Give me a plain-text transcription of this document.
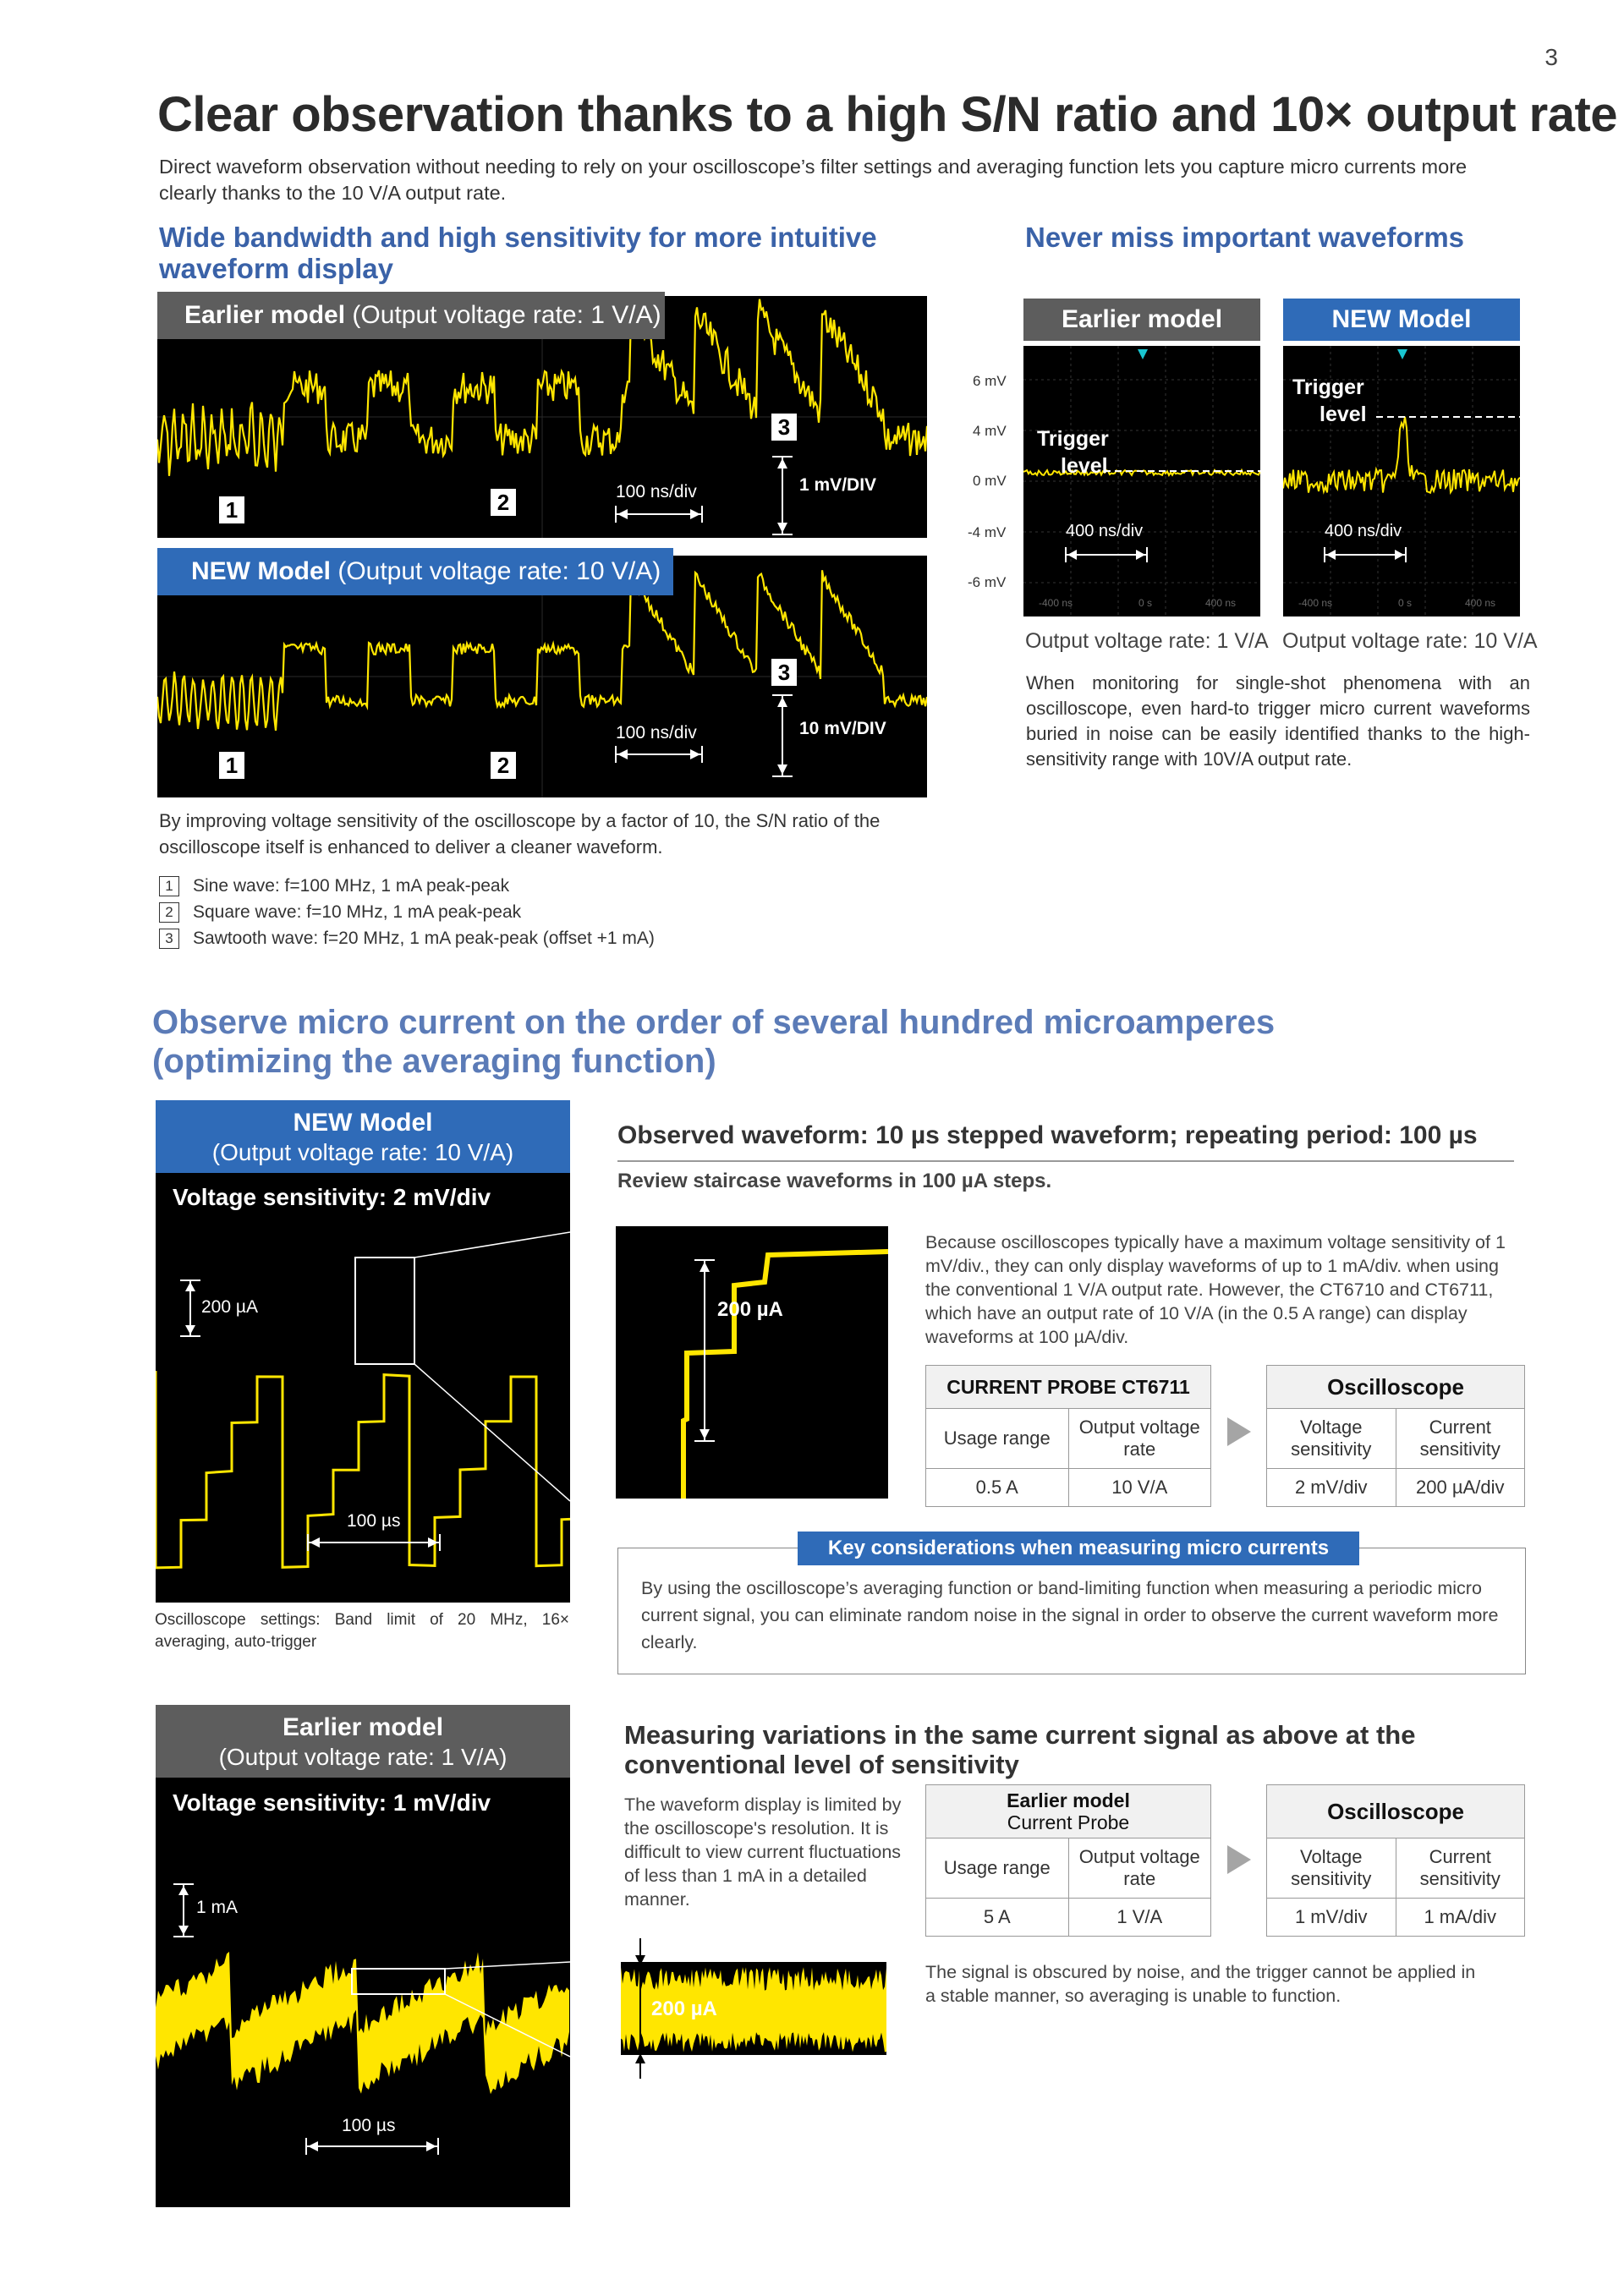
3
Clear observation thanks to a high S/N ratio and 10× output rate
Direct waveform observation without needing to rely on your oscilloscope’s filter settings and averaging function lets you capture micro currents more clearly thanks to the 10 V/A output rate.
Wide bandwidth and high sensitivity for more intuitive
waveform display
Earlier model (Output voltage rate: 1 V/A)
1	2
3
100 ns/div	1 mV/DIV
NEW Model (Output voltage rate: 10 V/A)
1	2
3
100 ns/div	10 mV/DIV
By improving voltage sensitivity of the oscilloscope by a factor of 10, the S/N ratio of the oscilloscope itself is enhanced to deliver a cleaner waveform.
1 Sine wave: f=100 MHz, 1 mA peak-peak
2 Square wave: f=10 MHz, 1 mA peak-peak
3 Sawtooth wave: f=20 MHz, 1 mA peak-peak (offset +1 mA)
Never miss important waveforms
6 mV
4 mV
0 mV
-4 mV
-6 mV
Earlier model
Trigger
level
400 ns/div
-400 ns	0 s	400 ns
NEW Model
Trigger
level
400 ns/div
-400 ns	0 s	400 ns
Output voltage rate: 1 V/A Output voltage rate: 10 V/A
When monitoring for single-shot phenomena with an oscilloscope, even hard-to trigger micro current waveforms buried in noise can be easily identified thanks to the high-sensitivity range with 10V/A output rate.
Observe micro current on the order of several hundred microamperes
(optimizing the averaging function)
NEW Model
(Output voltage rate: 10 V/A)
Voltage sensitivity: 2 mV/div
200 µA
100 µs
200 µA
Oscilloscope settings: Band limit of 20 MHz, 16× averaging, auto-trigger
Observed waveform: 10 µs stepped waveform; repeating period: 100 µs
Review staircase waveforms in 100 µA steps.
Because oscilloscopes typically have a maximum voltage sensitivity of 1 mV/div., they can only display waveforms of up to 1 mA/div. when using the conventional 1 V/A output rate. However, the CT6710 and CT6711, which have an output rate of 10 V/A (in the 0.5 A range) can display waveforms at 100 µA/div.
CURRENT PROBE CT6711	
Usage range	Output voltage rate
0.5 A	10 V/A
Oscilloscope	
Voltage sensitivity	Current sensitivity
2 mV/div	200 µA/div
Key considerations when measuring micro currents
By using the oscilloscope’s averaging function or band-limiting function when measuring a periodic micro current signal, you can eliminate random noise in the signal in order to observe the current waveform more clearly.
Earlier model
(Output voltage rate: 1 V/A)
Voltage sensitivity: 1 mV/div
1 mA
100 µs
200 µA
Measuring variations in the same current signal as above at the
conventional level of sensitivity
The waveform display is limited by the oscilloscope's resolution. It is difficult to view current fluctuations of less than 1 mA in a detailed manner.
Earlier model
Current Probe	

Usage range	Output voltage rate
5 A	1 V/A
Oscilloscope	
Voltage sensitivity	Current sensitivity
1 mV/div	1 mA/div
The signal is obscured by noise, and the trigger cannot be applied in a stable manner, so averaging is unable to function.
